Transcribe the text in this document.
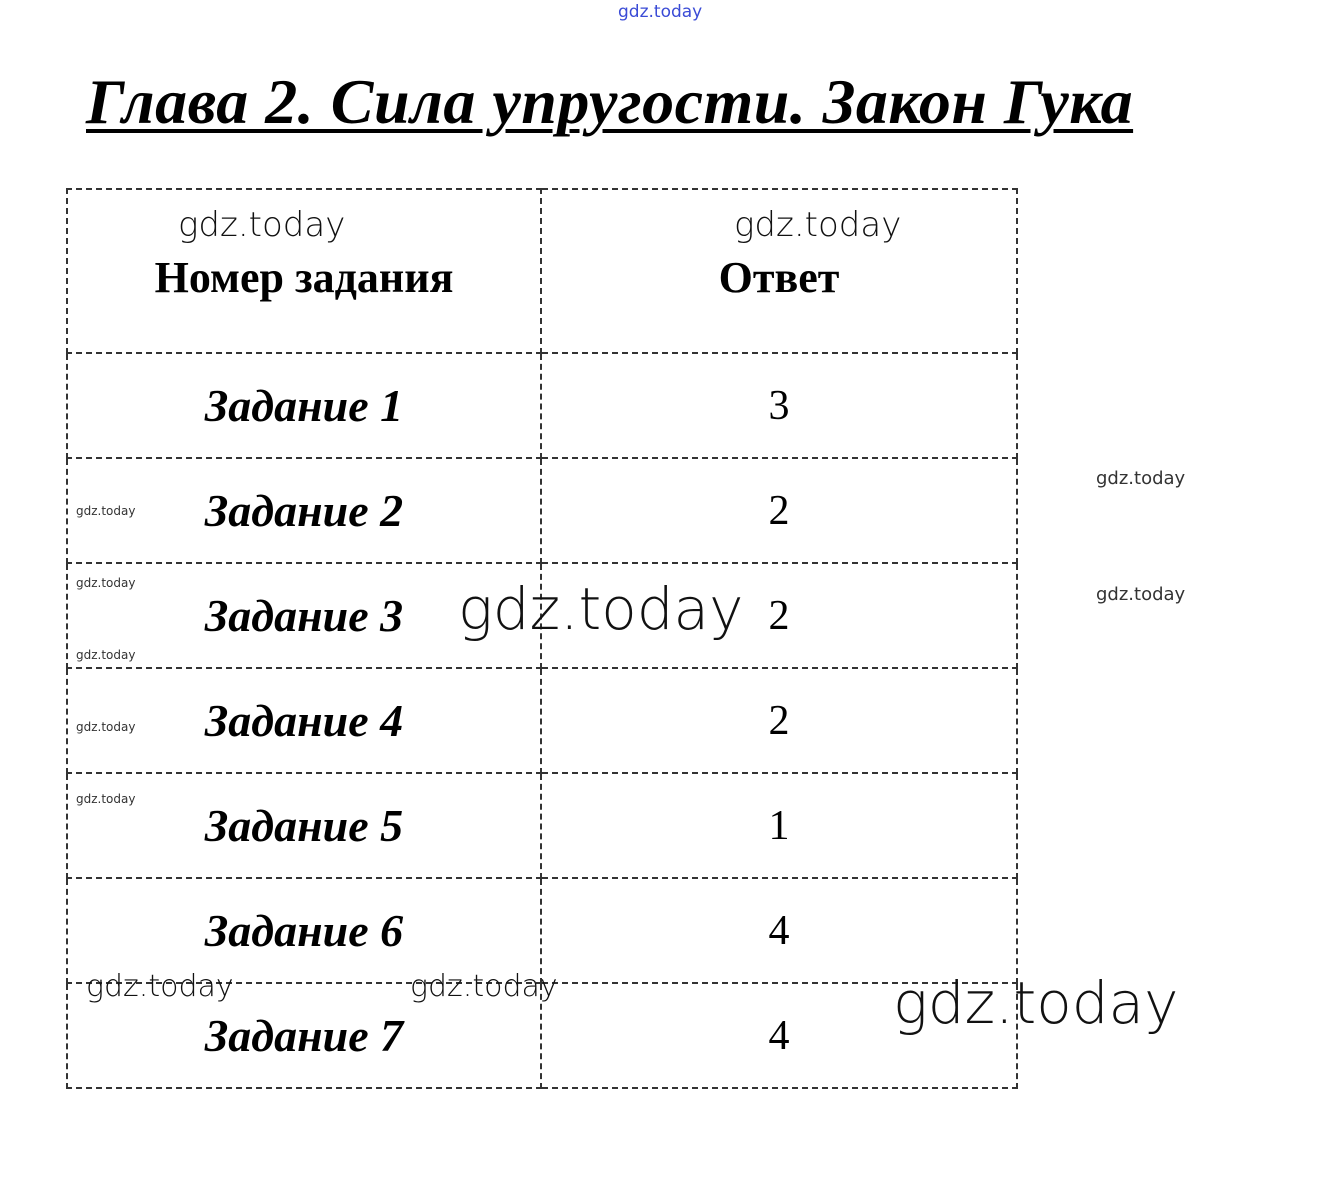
Глава 2. Сила упругости. Закон Гука
Номер задания	Ответ
Задание 1	3
Задание 2	2
Задание 3	2
Задание 4	2
Задание 5	1
Задание 6	4
Задание 7	4
gdz.today
gdz.today	gdz.today
gdz.today
gdz.today
gdz.today
gdz.today
gdz.today
gdz.today
gdz.today
gdz.today
gdz.today	gdz.today	gdz.today
